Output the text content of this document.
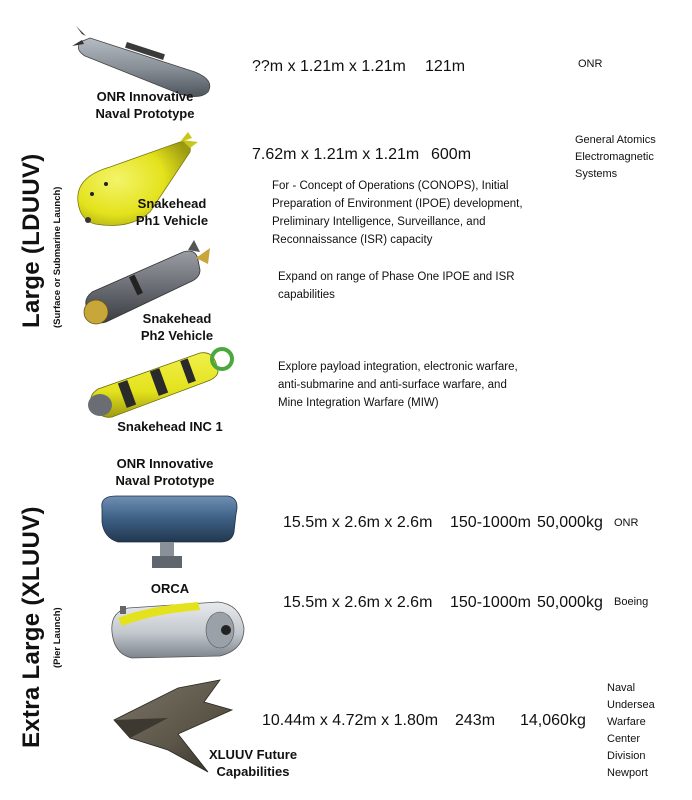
Large (LDUUV) (Surface or Submarine Launch)
Extra Large (XLUUV) (Pier Launch)
ONR Innovative
Naval Prototype
??m x 1.21m x 1.21m 121m	ONR
Snakehead
Ph1 Vehicle
7.62m x 1.21m x 1.21m 600m
General Atomics
Electromagnetic
Systems
For - Concept of Operations (CONOPS), Initial
Preparation of Environment (IPOE) development,
Preliminary Intelligence, Surveillance, and
Reconnaissance (ISR) capacity
Snakehead
Ph2 Vehicle
Expand on range of Phase One IPOE and ISR
capabilities
Snakehead INC 1
Explore payload integration, electronic warfare,
anti-submarine and anti-surface warfare, and
Mine Integration Warfare (MIW)
ONR Innovative
Naval Prototype
15.5m x 2.6m x 2.6m 150-1000m 50,000kg ONR
ORCA
15.5m x 2.6m x 2.6m 150-1000m 50,000kg Boeing
XLUUV Future
Capabilities
10.44m x 4.72m x 1.80m 243m 14,060kg
Naval
Undersea
Warfare
Center
Division
Newport
